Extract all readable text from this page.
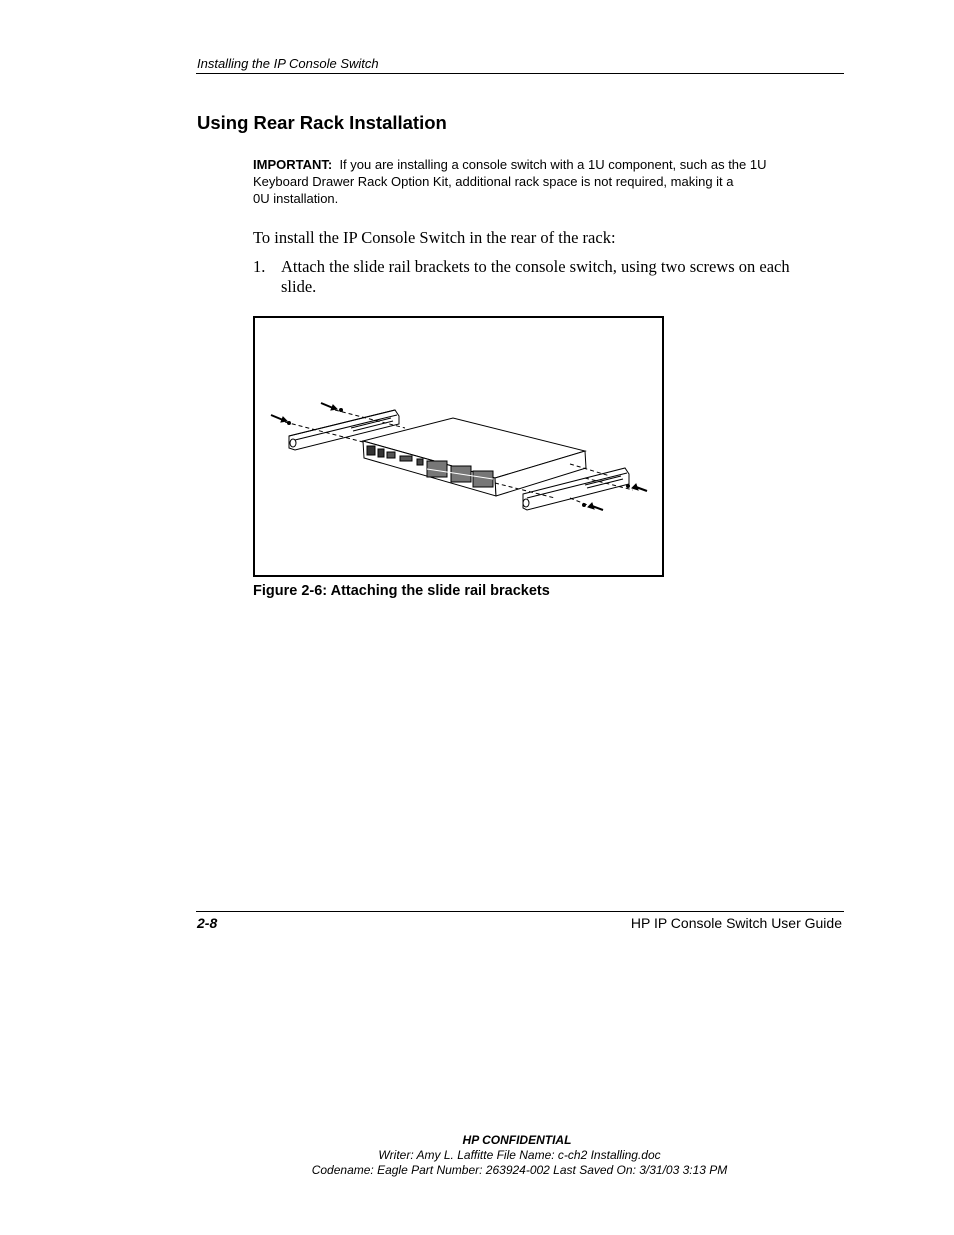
Installing the IP Console Switch
Using Rear Rack Installation
IMPORTANT: If you are installing a console switch with a 1U component, such as the 1U
Keyboard Drawer Rack Option Kit, additional rack space is not required, making it a
0U installation.
To install the IP Console Switch in the rear of the rack:
1. Attach the slide rail brackets to the console switch, using two screws on each slide.
Figure 2-6: Attaching the slide rail brackets
2-8	HP IP Console Switch User Guide
HP CONFIDENTIAL
Writer: Amy L. Laffitte File Name: c-ch2 Installing.doc
Codename: Eagle Part Number: 263924-002 Last Saved On: 3/31/03 3:13 PM
